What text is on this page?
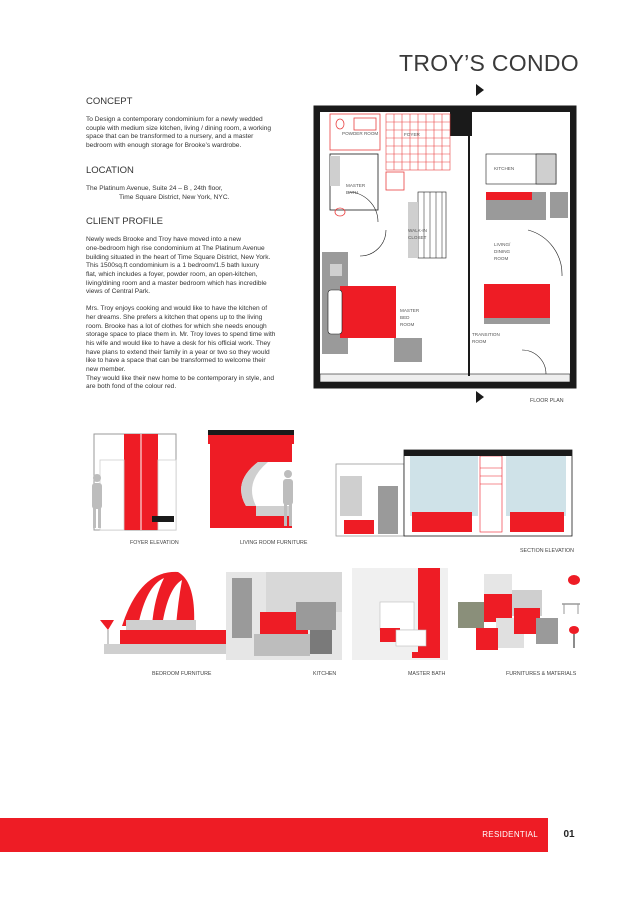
TROY’S CONDO
CONCEPT
To Design a contemporary condominium for a newly wedded
couple with medium size kitchen, living / dining room, a working
space that can be transformed to a nursery, and a master
bedroom with enough storage for Brooke’s wardrobe.
LOCATION
The Platinum Avenue, Suite 24 – B , 24th floor,
Time Square District, New York, NYC.
CLIENT PROFILE
Newly weds Brooke and Troy have moved into a new
one-bedroom high rise condominium at The Platinum Avenue
building situated in the heart of Time Square District, New York.
This 1500sq.ft condominium is a 1 bedroom/1.5 bath luxury
flat, which includes a foyer, powder room, an open-kitchen,
living/dining room and a master bedroom which has incredible
views of Central Park.
Mrs. Troy enjoys cooking and would like to have the kitchen of
her dreams. She prefers a kitchen that opens up to the living
room. Brooke has a lot of clothes for which she needs enough
storage space to place them in. Mr. Troy loves to spend time with
his wife and would like to have a desk for his official work. They
have plans to extend their family in a year or two so they would
like to have a space that can be transformed to welcome their
new member.
They would like their new home to be contemporary in style, and
are both fond of the colour red.
POWDER ROOM	FOYER
KITCHEN
MASTER
BATH
WALK-IN
CLOSET
LIVING/
DINING
ROOM
MASTER
BED
ROOM
TRANSITION
ROOM
FLOOR PLAN
FOYER ELEVATION	LIVING ROOM FURNITURE
SECTION ELEVATION
BEDROOM FURNITURE	KITCHEN	MASTER BATH	FURNITURES & MATERIALS
RESIDENTIAL	01
